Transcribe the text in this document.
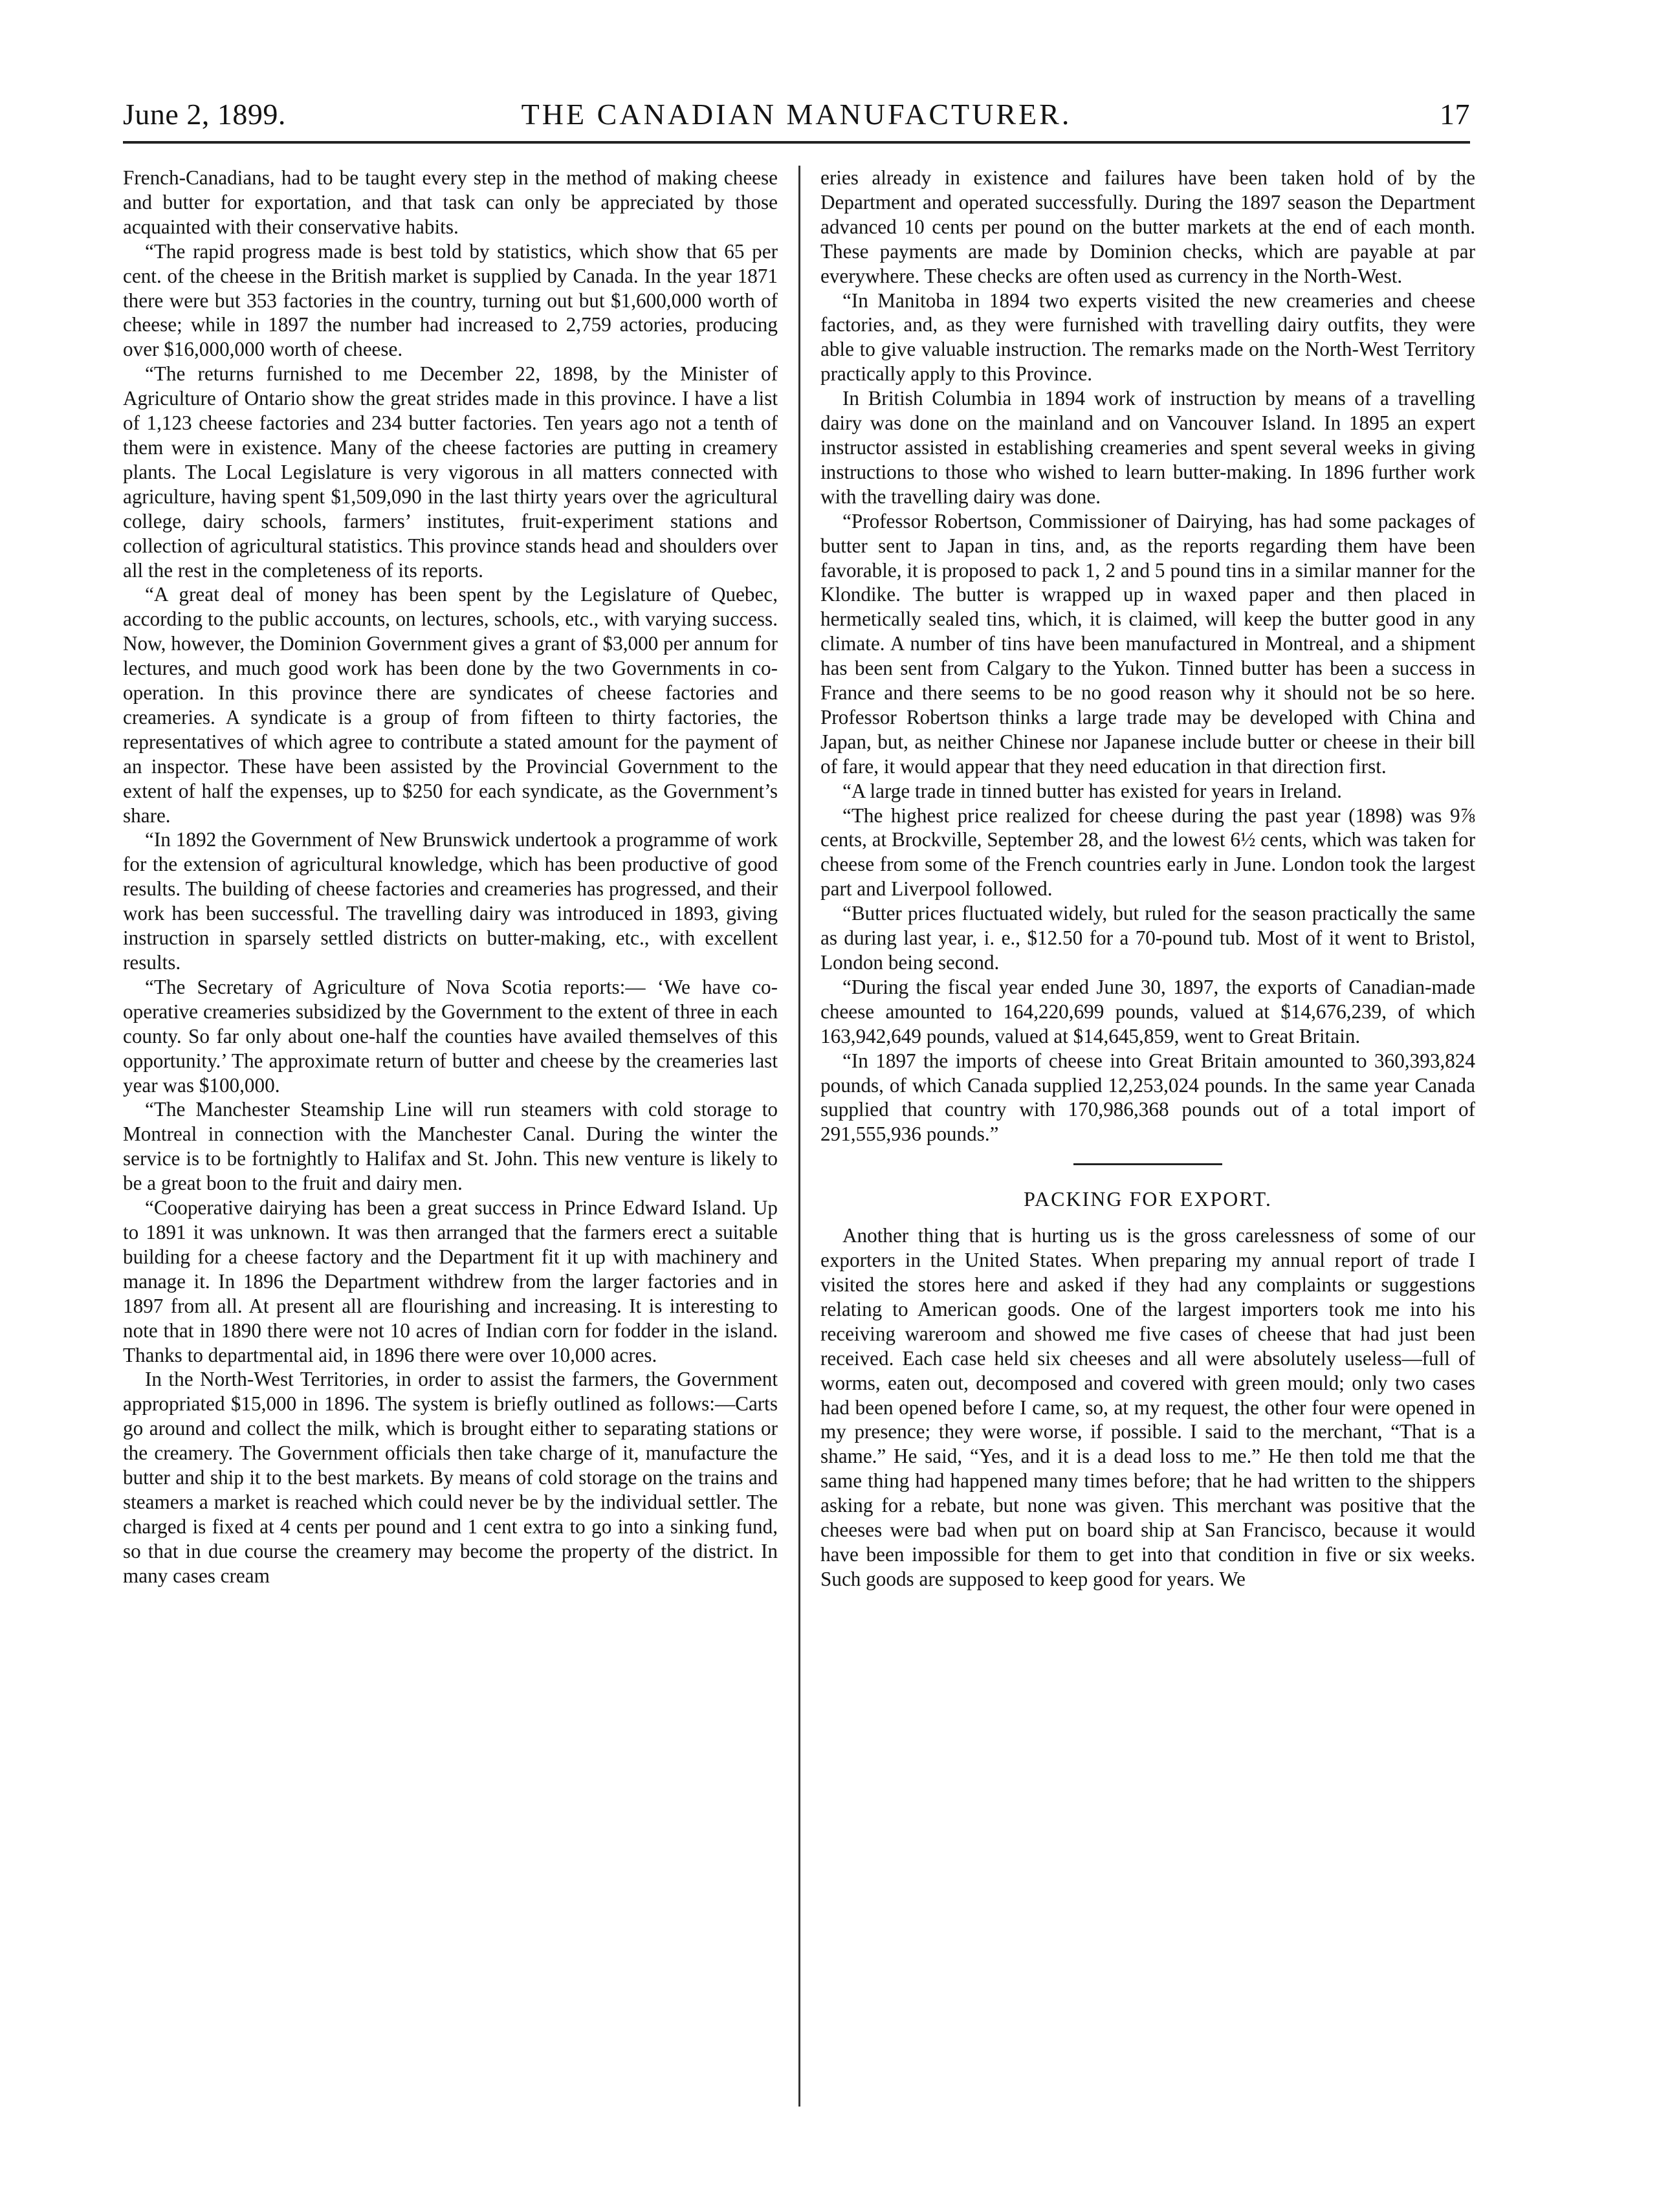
June 2, 1899.	THE CANADIAN MANUFACTURER.	17

French-Canadians, had to be taught every step in the method of making cheese and butter for exportation, and that task can only be appreciated by those acquainted with their conservative habits.

“The rapid progress made is best told by statistics, which show that 65 per cent. of the cheese in the British market is supplied by Canada. In the year 1871 there were but 353 factories in the country, turning out but $1,600,000 worth of cheese; while in 1897 the number had increased to 2,759 actories, producing over $16,000,000 worth of cheese.

“The returns furnished to me December 22, 1898, by the Minister of Agriculture of Ontario show the great strides made in this province. I have a list of 1,123 cheese factories and 234 butter factories. Ten years ago not a tenth of them were in existence. Many of the cheese factories are putting in creamery plants. The Local Legislature is very vigorous in all matters connected with agriculture, having spent $1,509,090 in the last thirty years over the agricultural college, dairy schools, farmers’ institutes, fruit-experiment stations and collection of agricultural statistics. This province stands head and shoulders over all the rest in the completeness of its reports.

“A great deal of money has been spent by the Legislature of Quebec, according to the public accounts, on lectures, schools, etc., with varying success. Now, however, the Dominion Government gives a grant of $3,000 per annum for lectures, and much good work has been done by the two Governments in co-operation. In this province there are syndicates of cheese factories and creameries. A syndicate is a group of from fifteen to thirty factories, the representatives of which agree to contribute a stated amount for the payment of an inspector. These have been assisted by the Provincial Government to the extent of half the expenses, up to $250 for each syndicate, as the Government’s share.

“In 1892 the Government of New Brunswick undertook a programme of work for the extension of agricultural knowledge, which has been productive of good results. The building of cheese factories and creameries has progressed, and their work has been successful. The travelling dairy was introduced in 1893, giving instruction in sparsely settled districts on butter-making, etc., with excellent results.

“The Secretary of Agriculture of Nova Scotia reports:— ‘We have co-operative creameries subsidized by the Government to the extent of three in each county. So far only about one-half the counties have availed themselves of this opportunity.’ The approximate return of butter and cheese by the creameries last year was $100,000.

“The Manchester Steamship Line will run steamers with cold storage to Montreal in connection with the Manchester Canal. During the winter the service is to be fortnightly to Halifax and St. John. This new venture is likely to be a great boon to the fruit and dairy men.

“Cooperative dairying has been a great success in Prince Edward Island. Up to 1891 it was unknown. It was then arranged that the farmers erect a suitable building for a cheese factory and the Department fit it up with machinery and manage it. In 1896 the Department withdrew from the larger factories and in 1897 from all. At present all are flourishing and increasing. It is interesting to note that in 1890 there were not 10 acres of Indian corn for fodder in the island. Thanks to departmental aid, in 1896 there were over 10,000 acres.

In the North-West Territories, in order to assist the farmers, the Government appropriated $15,000 in 1896. The system is briefly outlined as follows:—Carts go around and collect the milk, which is brought either to separating stations or the creamery. The Government officials then take charge of it, manufacture the butter and ship it to the best markets. By means of cold storage on the trains and steamers a market is reached which could never be by the individual settler. The charged is fixed at 4 cents per pound and 1 cent extra to go into a sinking fund, so that in due course the creamery may become the property of the district. In many cases cream

eries already in existence and failures have been taken hold of by the Department and operated successfully. During the 1897 season the Department advanced 10 cents per pound on the butter markets at the end of each month. These payments are made by Dominion checks, which are payable at par everywhere. These checks are often used as currency in the North-West.

“In Manitoba in 1894 two experts visited the new creameries and cheese factories, and, as they were furnished with travelling dairy outfits, they were able to give valuable instruction. The remarks made on the North-West Territory practically apply to this Province.

In British Columbia in 1894 work of instruction by means of a travelling dairy was done on the mainland and on Vancouver Island. In 1895 an expert instructor assisted in establishing creameries and spent several weeks in giving instructions to those who wished to learn butter-making. In 1896 further work with the travelling dairy was done.

“Professor Robertson, Commissioner of Dairying, has had some packages of butter sent to Japan in tins, and, as the reports regarding them have been favorable, it is proposed to pack 1, 2 and 5 pound tins in a similar manner for the Klondike. The butter is wrapped up in waxed paper and then placed in hermetically sealed tins, which, it is claimed, will keep the butter good in any climate. A number of tins have been manufactured in Montreal, and a shipment has been sent from Calgary to the Yukon. Tinned butter has been a success in France and there seems to be no good reason why it should not be so here. Professor Robertson thinks a large trade may be developed with China and Japan, but, as neither Chinese nor Japanese include butter or cheese in their bill of fare, it would appear that they need education in that direction first.

“A large trade in tinned butter has existed for years in Ireland.

“The highest price realized for cheese during the past year (1898) was 9⅞ cents, at Brockville, September 28, and the lowest 6½ cents, which was taken for cheese from some of the French countries early in June. London took the largest part and Liverpool followed.

“Butter prices fluctuated widely, but ruled for the season practically the same as during last year, i. e., $12.50 for a 70-pound tub. Most of it went to Bristol, London being second.

“During the fiscal year ended June 30, 1897, the exports of Canadian-made cheese amounted to 164,220,699 pounds, valued at $14,676,239, of which 163,942,649 pounds, valued at $14,645,859, went to Great Britain.

“In 1897 the imports of cheese into Great Britain amounted to 360,393,824 pounds, of which Canada supplied 12,253,024 pounds. In the same year Canada supplied that country with 170,986,368 pounds out of a total import of 291,555,936 pounds.”

PACKING FOR EXPORT.

Another thing that is hurting us is the gross carelessness of some of our exporters in the United States. When preparing my annual report of trade I visited the stores here and asked if they had any complaints or suggestions relating to American goods. One of the largest importers took me into his receiving wareroom and showed me five cases of cheese that had just been received. Each case held six cheeses and all were absolutely useless—full of worms, eaten out, decomposed and covered with green mould; only two cases had been opened before I came, so, at my request, the other four were opened in my presence; they were worse, if possible. I said to the merchant, “That is a shame.” He said, “Yes, and it is a dead loss to me.” He then told me that the same thing had happened many times before; that he had written to the shippers asking for a rebate, but none was given. This merchant was positive that the cheeses were bad when put on board ship at San Francisco, because it would have been impossible for them to get into that condition in five or six weeks. Such goods are supposed to keep good for years. We
